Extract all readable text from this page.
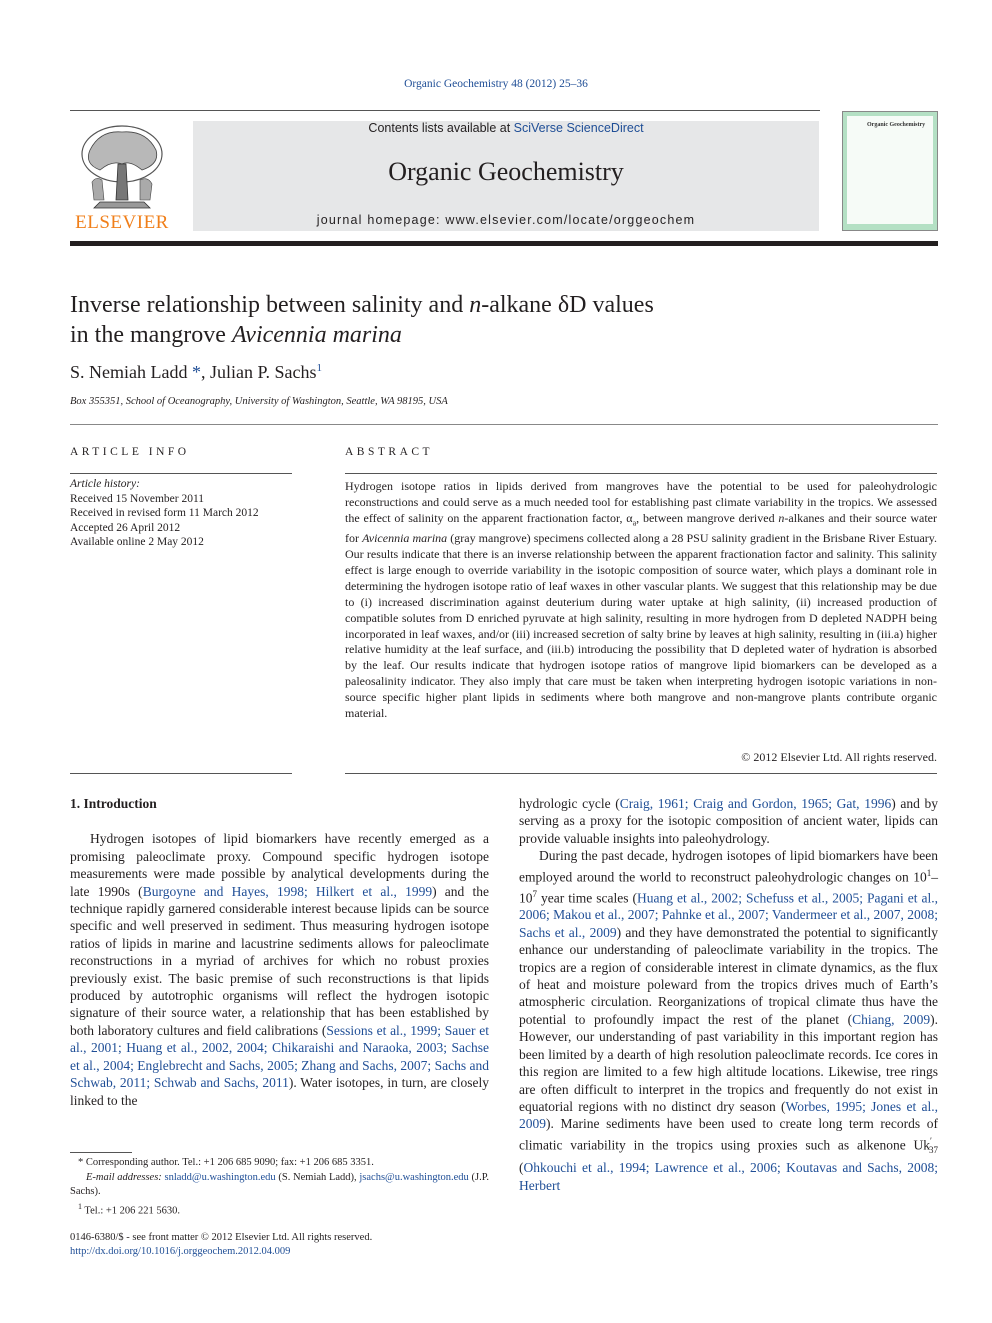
Organic Geochemistry 48 (2012) 25–36
ELSEVIER
Contents lists available at SciVerse ScienceDirect
Organic Geochemistry
journal homepage: www.elsevier.com/locate/orggeochem
Organic Geochemistry
Inverse relationship between salinity and n-alkane δD values
in the mangrove Avicennia marina
S. Nemiah Ladd *, Julian P. Sachs$^1$
Box 355351, School of Oceanography, University of Washington, Seattle, WA 98195, USA
ARTICLE INFO
Article history:
Received 15 November 2011
Received in revised form 11 March 2012
Accepted 26 April 2012
Available online 2 May 2012
ABSTRACT
Hydrogen isotope ratios in lipids derived from mangroves have the potential to be used for paleohydrologic reconstructions and could serve as a much needed tool for establishing past climate variability in the tropics. We assessed the effect of salinity on the apparent fractionation factor, $\alpha_a$, between mangrove derived n-alkanes and their source water for Avicennia marina (gray mangrove) specimens collected along a 28 PSU salinity gradient in the Brisbane River Estuary. Our results indicate that there is an inverse relationship between the apparent fractionation factor and salinity. This salinity effect is large enough to override variability in the isotopic composition of source water, which plays a dominant role in determining the hydrogen isotope ratio of leaf waxes in other vascular plants. We suggest that this relationship may be due to (i) increased discrimination against deuterium during water uptake at high salinity, (ii) increased production of compatible solutes from D enriched pyruvate at high salinity, resulting in more hydrogen from D depleted NADPH being incorporated in leaf waxes, and/or (iii) increased secretion of salty brine by leaves at high salinity, resulting in (iii.a) higher relative humidity at the leaf surface, and (iii.b) introducing the possibility that D depleted water of hydration is absorbed by the leaf. Our results indicate that hydrogen isotope ratios of mangrove lipid biomarkers can be developed as a paleosalinity indicator. They also imply that care must be taken when interpreting hydrogen isotopic variations in non-source specific higher plant lipids in sediments where both mangrove and non-mangrove plants contribute organic material.
© 2012 Elsevier Ltd. All rights reserved.

1. Introduction

Hydrogen isotopes of lipid biomarkers have recently emerged as a promising paleoclimate proxy. Compound specific hydrogen isotope measurements were made possible by analytical developments during the late 1990s (Burgoyne and Hayes, 1998; Hilkert et al., 1999) and the technique rapidly garnered considerable interest because lipids can be source specific and well preserved in sediment. Thus measuring hydrogen isotope ratios of lipids in marine and lacustrine sediments allows for paleoclimate reconstructions in a myriad of archives for which no robust proxies previously exist. The basic premise of such reconstructions is that lipids produced by autotrophic organisms will reflect the hydrogen isotopic signature of their source water, a relationship that has been established by both laboratory cultures and field calibrations (Sessions et al., 1999; Sauer et al., 2001; Huang et al., 2002, 2004; Chikaraishi and Naraoka, 2003; Sachse et al., 2004; Englebrecht and Sachs, 2005; Zhang and Sachs, 2007; Sachs and Schwab, 2011; Schwab and Sachs, 2011). Water isotopes, in turn, are closely linked to the

hydrologic cycle (Craig, 1961; Craig and Gordon, 1965; Gat, 1996) and by serving as a proxy for the isotopic composition of ancient water, lipids can provide valuable insights into paleohydrology.

During the past decade, hydrogen isotopes of lipid biomarkers have been employed around the world to reconstruct paleohydrologic changes on $10^1-10^7$ year time scales (Huang et al., 2002; Schefuss et al., 2005; Pagani et al., 2006; Makou et al., 2007; Pahnke et al., 2007; Vandermeer et al., 2007, 2008; Sachs et al., 2009) and they have demonstrated the potential to significantly enhance our understanding of paleoclimate variability in the tropics. The tropics are a region of considerable interest in climate dynamics, as the flux of heat and moisture poleward from the tropics drives much of Earth’s atmospheric circulation. Reorganizations of tropical climate thus have the potential to profoundly impact the rest of the planet (Chiang, 2009). However, our understanding of past variability in this important region has been limited by a dearth of high resolution paleoclimate records. Ice cores in this region are limited to a few high altitude locations. Likewise, tree rings are often difficult to interpret in the tropics and frequently do not exist in equatorial regions with no distinct dry season (Worbes, 1995; Jones et al., 2009). Marine sediments have been used to create long term records of climatic variability in the tropics using proxies such as alkenone $Uk'_{37}$ (Ohkouchi et al., 1994; Lawrence et al., 2006; Koutavas and Sachs, 2008; Herbert

* Corresponding author. Tel.: +1 206 685 9090; fax: +1 206 685 3351.

E-mail addresses: snladd@u.washington.edu (S. Nemiah Ladd), jsachs@u.washington.edu (J.P. Sachs).

$^1$ Tel.: +1 206 221 5630.

0146-6380/$ - see front matter © 2012 Elsevier Ltd. All rights reserved.
http://dx.doi.org/10.1016/j.orggeochem.2012.04.009
